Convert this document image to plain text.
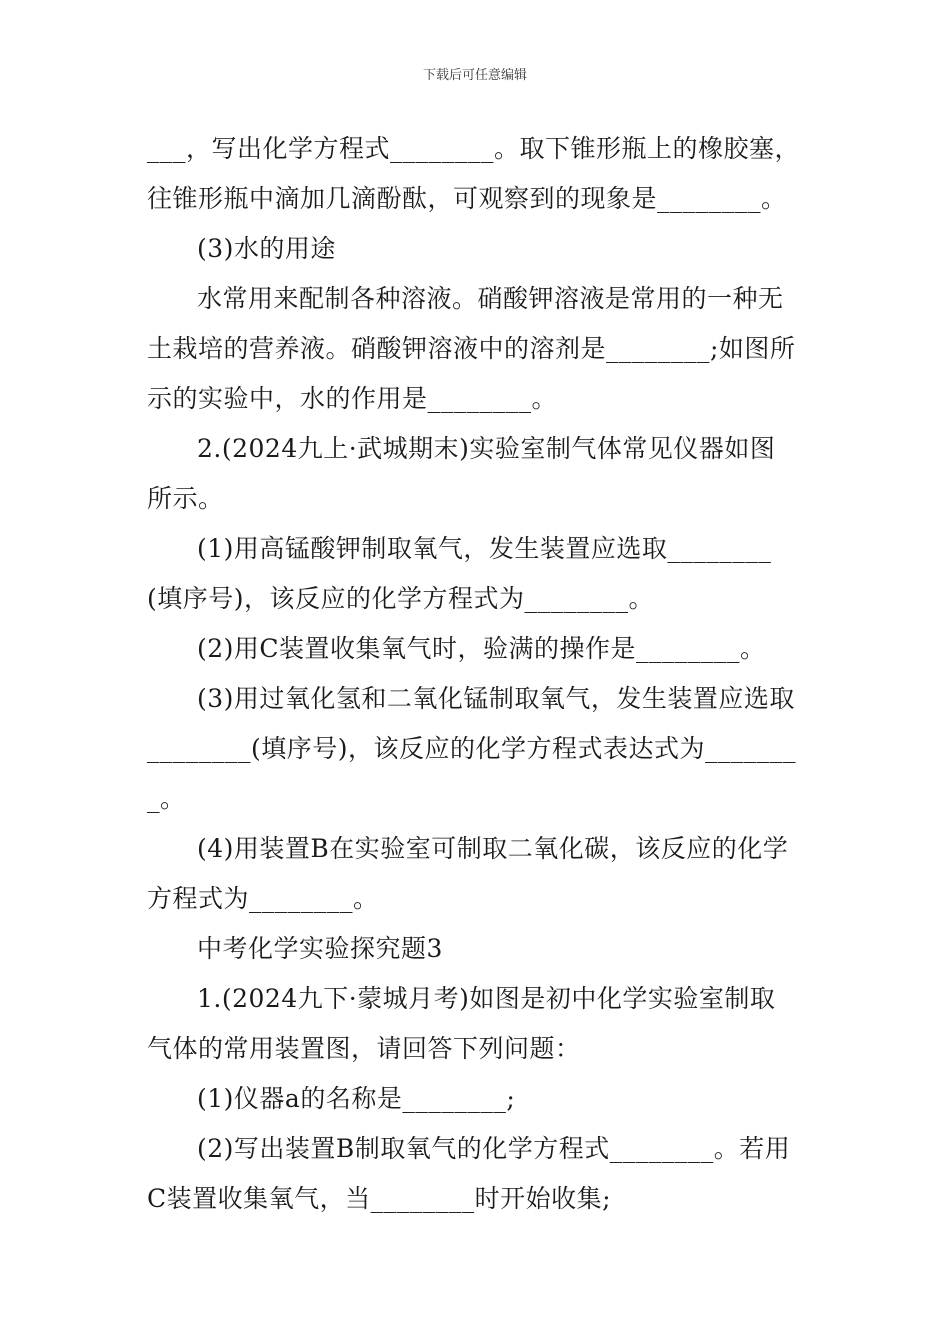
下载后可任意编辑
___，写出化学方程式________。取下锥形瓶上的橡胶塞，
往锥形瓶中滴加几滴酚酞，可观察到的现象是________。
(3)水的用途
水常用来配制各种溶液。硝酸钾溶液是常用的一种无
土栽培的营养液。硝酸钾溶液中的溶剂是________;如图所
示的实验中，水的作用是________。
2.(2024九上·武城期末)实验室制气体常见仪器如图
所示。
(1)用高锰酸钾制取氧气，发生装置应选取________
(填序号)，该反应的化学方程式为________。
(2)用C装置收集氧气时，验满的操作是________。
(3)用过氧化氢和二氧化锰制取氧气，发生装置应选取
________(填序号)，该反应的化学方程式表达式为_______
_。
(4)用装置B在实验室可制取二氧化碳，该反应的化学
方程式为________。
中考化学实验探究题3
1.(2024九下·蒙城月考)如图是初中化学实验室制取
气体的常用装置图，请回答下列问题：
(1)仪器a的名称是________;
(2)写出装置B制取氧气的化学方程式________。若用
C装置收集氧气，当________时开始收集;
